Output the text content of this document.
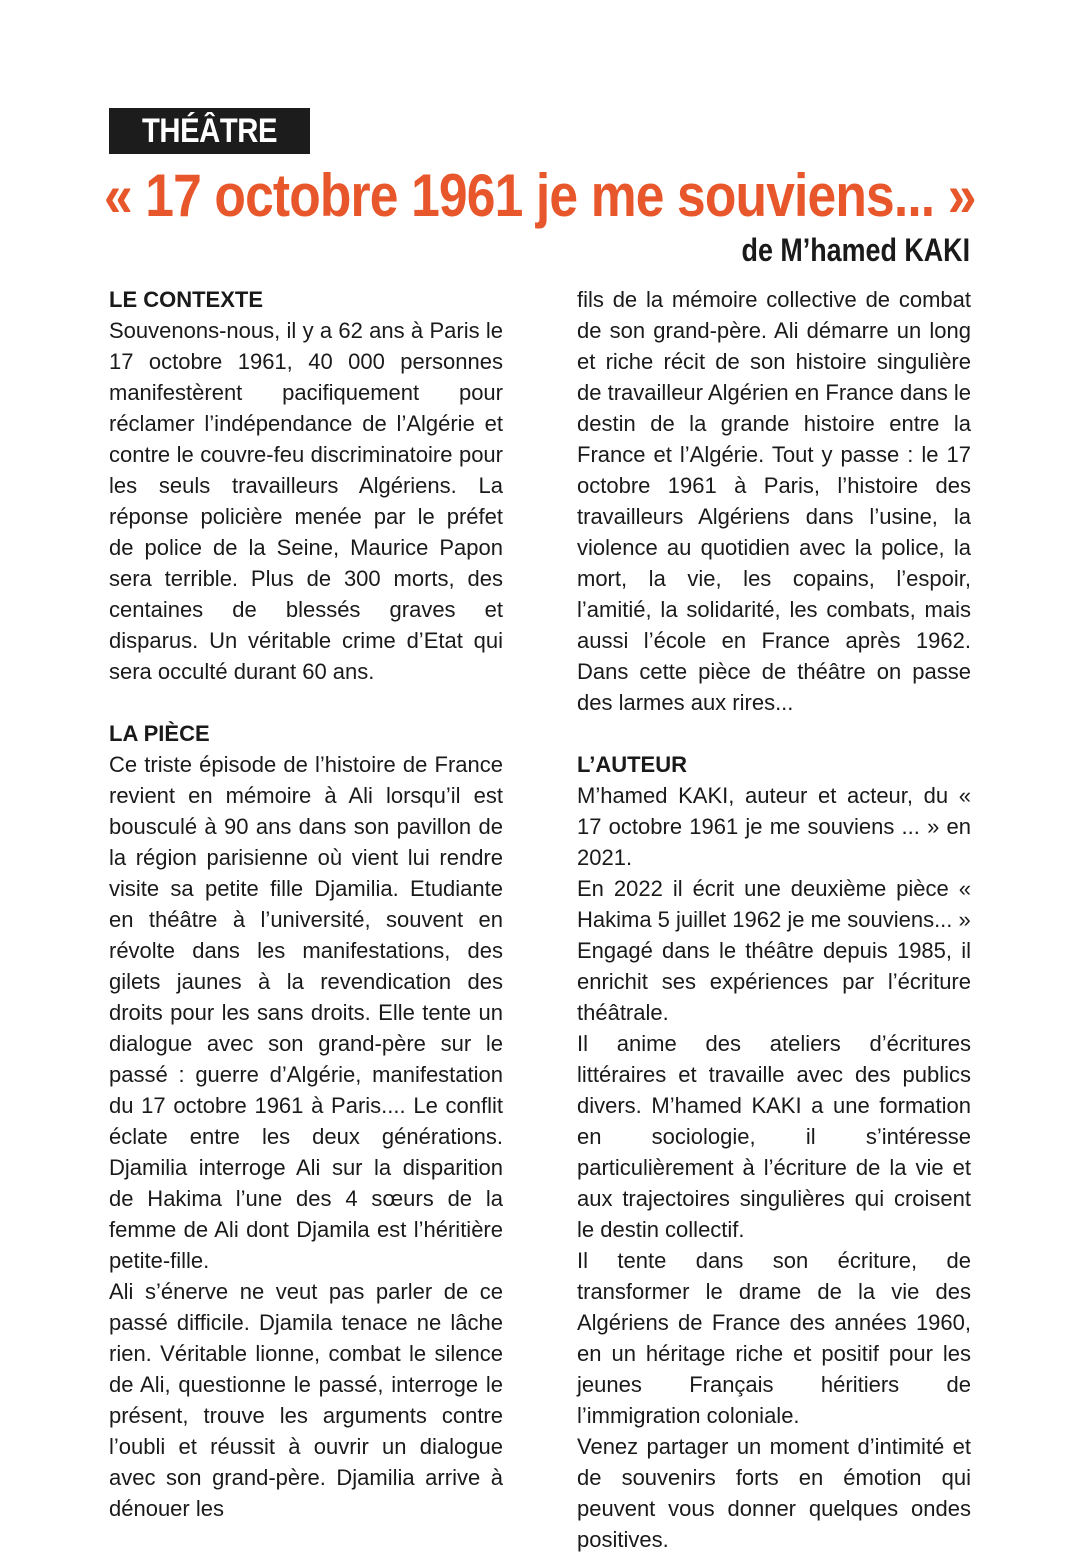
THÉÂTRE
« 17 octobre 1961 je me souviens... »
de M’hamed KAKI

LE CONTEXTE

Souvenons-nous, il y a 62 ans à Paris le 17 octobre 1961, 40 000 personnes manifestèrent pacifiquement pour réclamer l’indépendance de l’Algérie et contre le couvre-feu discriminatoire pour les seuls travailleurs Algériens. La réponse policière menée par le préfet de police de la Seine, Maurice Papon sera terrible. Plus de 300 morts, des centaines de blessés graves et disparus. Un véritable crime d’Etat qui sera occulté durant 60 ans.

LA PIÈCE

Ce triste épisode de l’histoire de France revient en mémoire à Ali lorsqu’il est bousculé à 90 ans dans son pavillon de la région parisienne où vient lui rendre visite sa petite fille Djamilia. Etudiante en théâtre à l’université, souvent en révolte dans les manifestations, des gilets jaunes à la revendication des droits pour les sans droits. Elle tente un dialogue avec son grand-père sur le passé : guerre d’Algérie, manifestation du 17 octobre 1961 à Paris.... Le conflit éclate entre les deux générations. Djamilia interroge Ali sur la disparition de Hakima l’une des 4 sœurs de la femme de Ali dont Djamila est l’héritière petite-fille.

Ali s’énerve ne veut pas parler de ce passé difficile. Djamila tenace ne lâche rien. Véritable lionne, combat le silence de Ali, questionne le passé, interroge le présent, trouve les arguments contre l’oubli et réussit à ouvrir un dialogue avec son grand-père. Djamilia arrive à dénouer les

fils de la mémoire collective de combat de son grand-père. Ali démarre un long et riche récit de son histoire singulière de travailleur Algérien en France dans le destin de la grande histoire entre la France et l’Algérie. Tout y passe : le 17 octobre 1961 à Paris, l’histoire des travailleurs Algériens dans l’usine, la violence au quotidien avec la police, la mort, la vie, les copains, l’espoir, l’amitié, la solidarité, les combats, mais aussi l’école en France après 1962. Dans cette pièce de théâtre on passe des larmes aux rires...

L’AUTEUR

M’hamed KAKI, auteur et acteur, du « 17 octobre 1961 je me souviens ... » en 2021.

En 2022 il écrit une deuxième pièce « Hakima 5 juillet 1962 je me souviens... »

Engagé dans le théâtre depuis 1985, il enrichit ses expériences par l’écriture théâtrale.

Il anime des ateliers d’écritures littéraires et travaille avec des publics divers. M’hamed KAKI a une formation en sociologie, il s’intéresse particulièrement à l’écriture de la vie et aux trajectoires singulières qui croisent le destin collectif.

Il tente dans son écriture, de transformer le drame de la vie des Algériens de France des années 1960, en un héritage riche et positif pour les jeunes Français héritiers de l’immigration coloniale.

Venez partager un moment d’intimité et de souvenirs forts en émotion qui peuvent vous donner quelques ondes positives.
